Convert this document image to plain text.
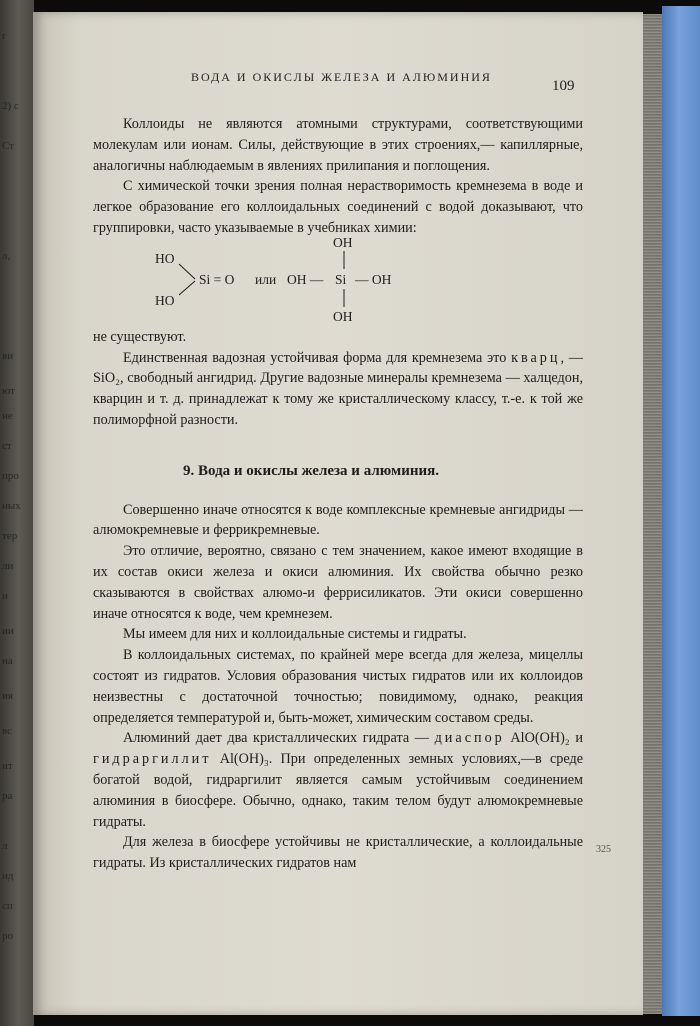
r
2) с
Ст
л,
ви
ют
не
ст
про
ных
тер
ли
и
ии
на
ия
вс
ит
ра
л
ид
сп
ро
ВОДА И ОКИСЛЫ ЖЕЛЕЗА И АЛЮМИНИЯ
109

Коллоиды не являются атомными структурами, соответствующими молекулам или ионам. Силы, действующие в этих строениях,— капиллярные, аналогичны наблюдаемым в явлениях прилипания и поглощения.

С химической точки зрения полная нерастворимость кремнезема в воде и легкое образование его коллоидальных соединений с водой доказывают, что группировки, часто указываемые в учебниках химии:

HO
HO
Si = O или OH — Si — OH
OH
OH

не существуют.

Единственная вадозная устойчивая форма для кремнезема это кварц, — SiO₂, свободный ангидрид. Другие вадозные минералы кремнезема — халцедон, кварцин и т. д. принадлежат к тому же кристаллическому классу, т.-е. к той же полиморфной разности.

9. Вода и окислы железа и алюминия.

Совершенно иначе относятся к воде комплексные кремневые ангидриды — алюмокремневые и феррикремневые.

Это отличие, вероятно, связано с тем значением, какое имеют входящие в их состав окиси железа и окиси алюминия. Их свойства обычно резко сказываются в свойствах алюмо-и феррисиликатов. Эти окиси совершенно иначе относятся к воде, чем кремнезем.

Мы имеем для них и коллоидальные системы и гидраты.

В коллоидальных системах, по крайней мере всегда для железа, мицеллы состоят из гидратов. Условия образования чистых гидратов или их коллоидов неизвестны с достаточной точностью; повидимому, однако, реакция определяется температурой и, быть-может, химическим составом среды.

Алюминий дает два кристаллических гидрата — диаспор AlO(OH)₂ и гидраргиллит Al(OH)₃. При определенных земных условиях,—в среде богатой водой, гидраргилит является самым устойчивым соединением алюминия в биосфере. Обычно, однако, таким телом будут алюмокремневые гидраты.

Для железа в биосфере устойчивы не кристаллические, а коллоидальные гидраты. Из кристаллических гидратов нам

325
